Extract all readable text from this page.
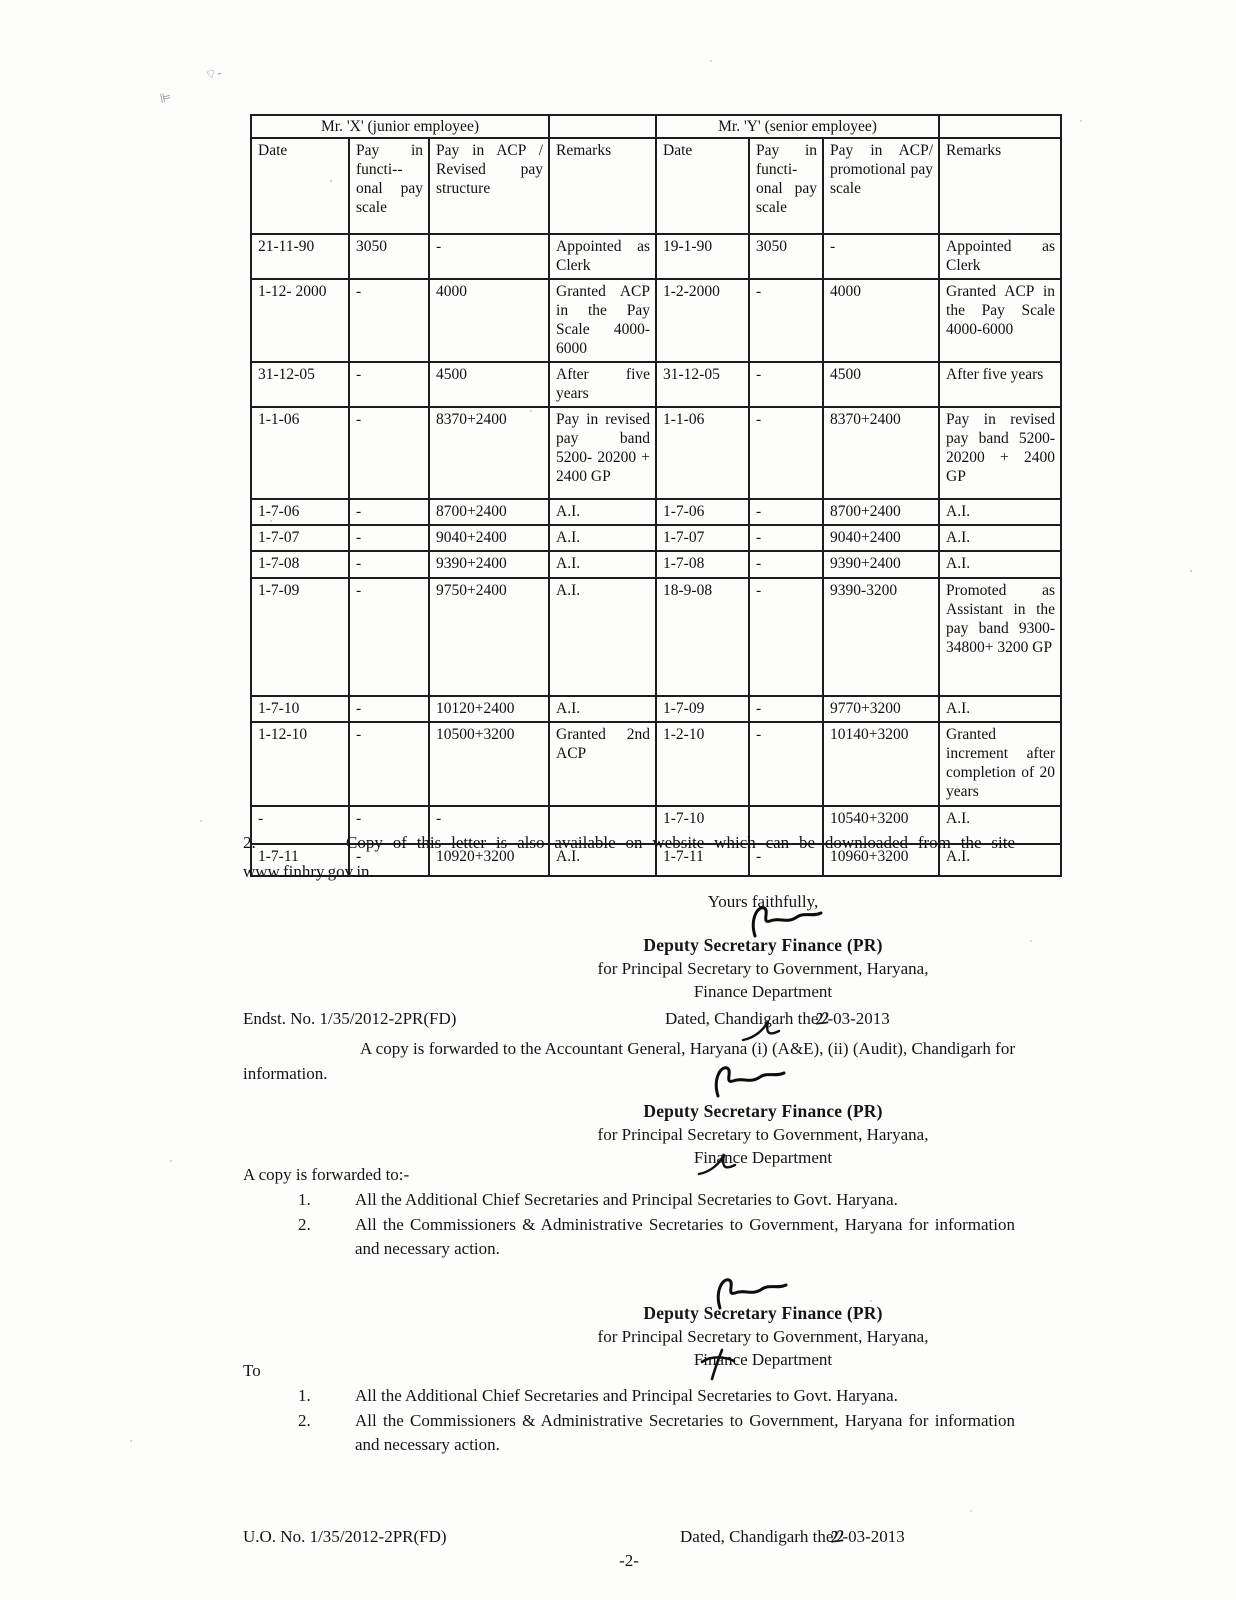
⌔-
⊫
Mr. 'X' (junior employee)				Mr. 'Y' (senior employee)			
Date	Pay in functi-- onal pay scale	Pay in ACP / Revised pay structure	Remarks	Date	Pay in functi- onal pay scale	Pay in ACP/ promotional pay scale	Remarks
21-11-90	3050	-	Appointed as Clerk	19-1-90	3050	-	Appointed as Clerk
1-12- 2000	-	4000	Granted ACP in the Pay Scale 4000-6000	1-2-2000	-	4000	Granted ACP in the Pay Scale 4000-6000
31-12-05	-	4500	After five years	31-12-05	-	4500	After five years
1-1-06	-	8370+2400	Pay in revised pay band 5200- 20200 + 2400 GP	1-1-06	-	8370+2400	Pay in revised pay band 5200- 20200 + 2400 GP
1-7-06	-	8700+2400	A.I.	1-7-06	-	8700+2400	A.I.
1-7-07	-	9040+2400	A.I.	1-7-07	-	9040+2400	A.I.
1-7-08	-	9390+2400	A.I.	1-7-08	-	9390+2400	A.I.
1-7-09	-	9750+2400	A.I.	18-9-08	-	9390-3200	Promoted as Assistant in the pay band 9300- 34800+ 3200 GP
1-7-10	-	10120+2400	A.I.	1-7-09	-	9770+3200	A.I.
1-12-10	-	10500+3200	Granted 2nd ACP	1-2-10	-	10140+3200	Granted increment after completion of 20 years
-	-	-		1-7-10		10540+3200	A.I.
1-7-11	-	10920+3200	A.I.	1-7-11	-	10960+3200	A.I.
2.	Copy of this letter is also available on website which can be downloaded from the site www.finhry.gov.in.
Yours faithfully,
Deputy Secretary Finance (PR)
for Principal Secretary to Government, Haryana,
Finance Department
Endst. No. 1/35/2012-2PR(FD)	Dated, Chandigarh the22-03-2013
A copy is forwarded to the Accountant General, Haryana (i) (A&E), (ii) (Audit), Chandigarh for information.
Deputy Secretary Finance (PR)
for Principal Secretary to Government, Haryana,
Finance Department
A copy is forwarded to:-
1.	All the Additional Chief Secretaries and Principal Secretaries to Govt. Haryana.
2.	All the Commissioners & Administrative Secretaries to Government, Haryana for information and necessary action.
Deputy Secretary Finance (PR)
for Principal Secretary to Government, Haryana,
Finance Department
To
1.	All the Additional Chief Secretaries and Principal Secretaries to Govt. Haryana.
2.	All the Commissioners & Administrative Secretaries to Government, Haryana for information and necessary action.
U.O. No. 1/35/2012-2PR(FD)	Dated, Chandigarh the22-03-2013
-2-
